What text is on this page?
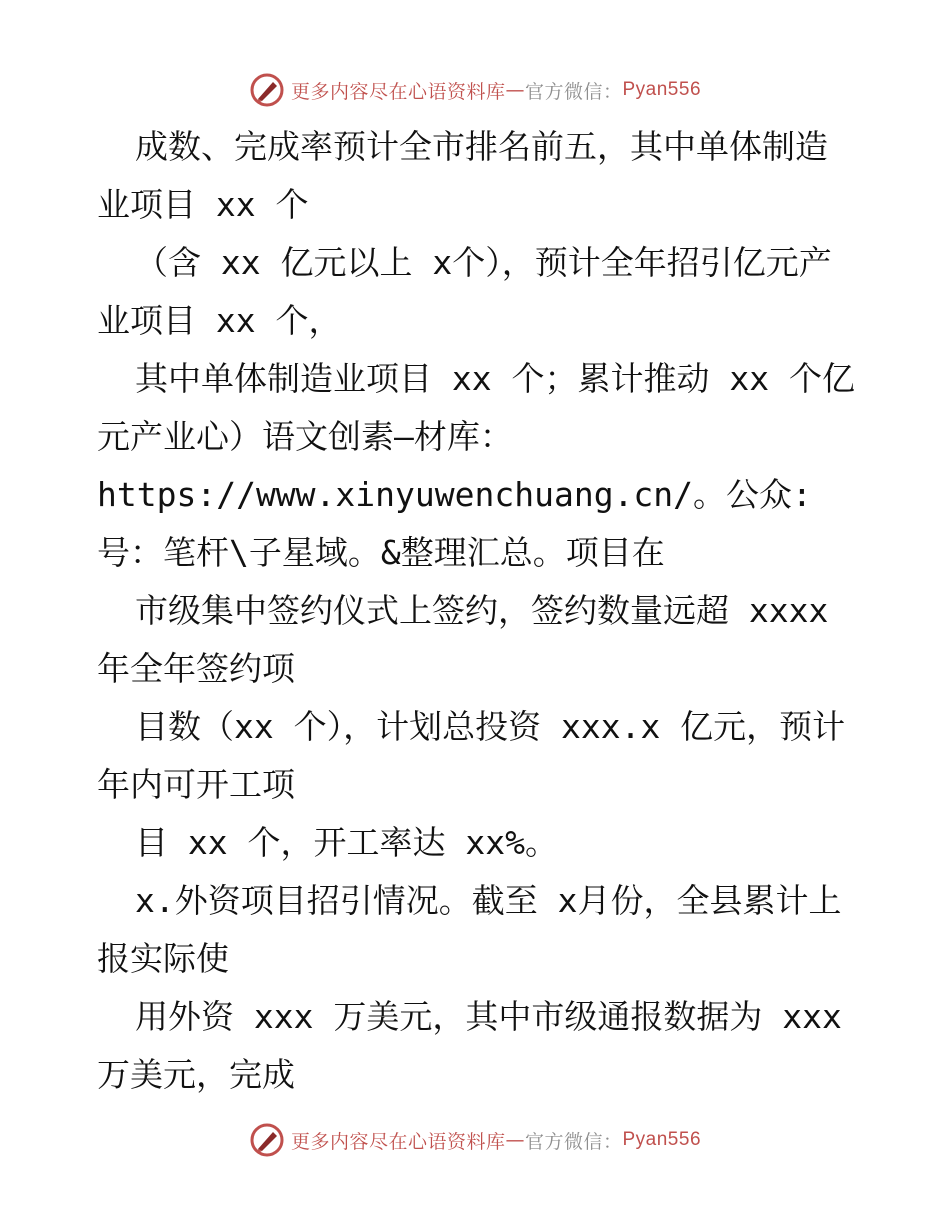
更多内容尽在心语资料库 — 官方微信： Pyan556

成数、完成率预计全市排名前五，其中单体制造业项目 xx 个

（含 xx 亿元以上 x个），预计全年招引亿元产业项目 xx 个，

其中单体制造业项目 xx 个；累计推动 xx 个亿元产业心）语文创素—材库：https://www.xinyuwenchuang.cn/。公众:号：笔杆\子星域。&整理汇总。项目在

市级集中签约仪式上签约，签约数量远超 xxxx 年全年签约项

目数（xx 个），计划总投资 xxx.x 亿元，预计年内可开工项

目 xx 个，开工率达 xx%。

x.外资项目招引情况。截至 x月份，全县累计上报实际使

用外资 xxx 万美元，其中市级通报数据为 xxx 万美元，完成

更多内容尽在心语资料库 — 官方微信： Pyan556
